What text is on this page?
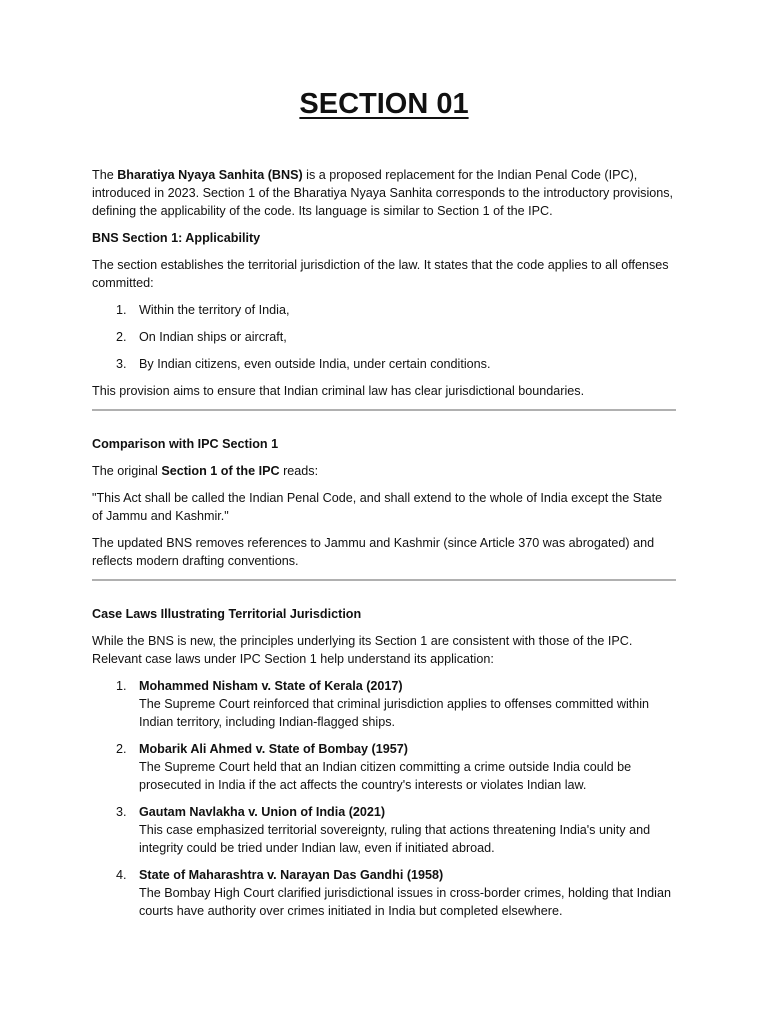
SECTION 01

The Bharatiya Nyaya Sanhita (BNS) is a proposed replacement for the Indian Penal Code (IPC), introduced in 2023. Section 1 of the Bharatiya Nyaya Sanhita corresponds to the introductory provisions, defining the applicability of the code. Its language is similar to Section 1 of the IPC.

BNS Section 1: Applicability

The section establishes the territorial jurisdiction of the law. It states that the code applies to all offenses committed:

1. Within the territory of India,
2. On Indian ships or aircraft,
3. By Indian citizens, even outside India, under certain conditions.

This provision aims to ensure that Indian criminal law has clear jurisdictional boundaries.

Comparison with IPC Section 1

The original Section 1 of the IPC reads:

"This Act shall be called the Indian Penal Code, and shall extend to the whole of India except the State of Jammu and Kashmir."

The updated BNS removes references to Jammu and Kashmir (since Article 370 was abrogated) and reflects modern drafting conventions.

Case Laws Illustrating Territorial Jurisdiction

While the BNS is new, the principles underlying its Section 1 are consistent with those of the IPC. Relevant case laws under IPC Section 1 help understand its application:

1. Mohammed Nisham v. State of Kerala (2017)
The Supreme Court reinforced that criminal jurisdiction applies to offenses committed within Indian territory, including Indian-flagged ships.
2. Mobarik Ali Ahmed v. State of Bombay (1957)
The Supreme Court held that an Indian citizen committing a crime outside India could be prosecuted in India if the act affects the country's interests or violates Indian law.
3. Gautam Navlakha v. Union of India (2021)
This case emphasized territorial sovereignty, ruling that actions threatening India's unity and integrity could be tried under Indian law, even if initiated abroad.
4. State of Maharashtra v. Narayan Das Gandhi (1958)
The Bombay High Court clarified jurisdictional issues in cross-border crimes, holding that Indian courts have authority over crimes initiated in India but completed elsewhere.
